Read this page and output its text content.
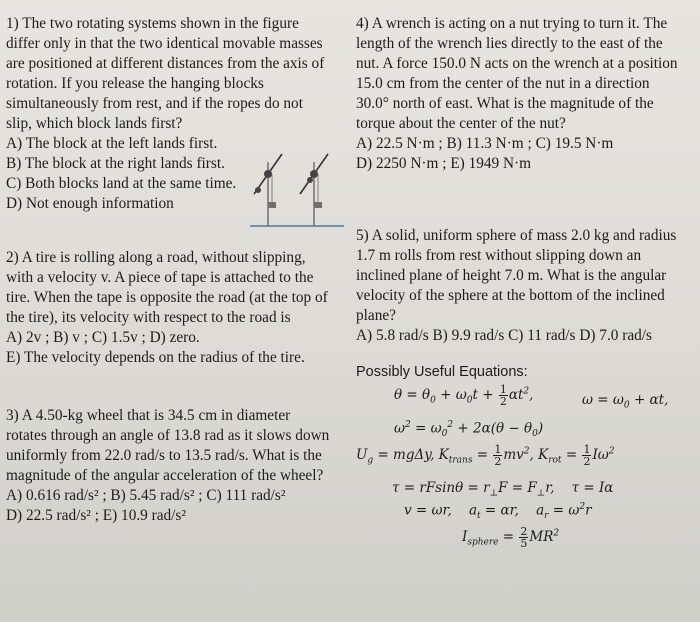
1) The two rotating systems shown in the figure

differ only in that the two identical movable masses

are positioned at different distances from the axis of

rotation. If you release the hanging blocks

simultaneously from rest, and if the ropes do not

slip, which block lands first?

A) The block at the left lands first.

B) The block at the right lands first.

C) Both blocks land at the same time.

D) Not enough information

2) A tire is rolling along a road, without slipping,

with a velocity v. A piece of tape is attached to the

tire. When the tape is opposite the road (at the top of

the tire), its velocity with respect to the road is

A) 2v ; B) v ; C) 1.5v ; D) zero.

E) The velocity depends on the radius of the tire.

3) A 4.50-kg wheel that is 34.5 cm in diameter

rotates through an angle of 13.8 rad as it slows down

uniformly from 22.0 rad/s to 13.5 rad/s. What is the

magnitude of the angular acceleration of the wheel?

A) 0.616 rad/s² ; B) 5.45 rad/s² ; C) 111 rad/s²

D) 22.5 rad/s² ; E) 10.9 rad/s²

4) A wrench is acting on a nut trying to turn it. The

length of the wrench lies directly to the east of the

nut. A force 150.0 N acts on the wrench at a position

15.0 cm from the center of the nut in a direction

30.0° north of east. What is the magnitude of the

torque about the center of the nut?

A) 22.5 N·m ; B) 11.3 N·m ; C) 19.5 N·m

D) 2250 N·m ; E) 1949 N·m

5) A solid, uniform sphere of mass 2.0 kg and radius

1.7 m rolls from rest without slipping down an

inclined plane of height 7.0 m. What is the angular

velocity of the sphere at the bottom of the inclined

plane?

A) 5.8 rad/s B) 9.9 rad/s C) 11 rad/s D) 7.0 rad/s

Possibly Useful Equations:
$\theta = \theta_0 + \omega_0t + \frac{1}{2} \alpha t^2$,	$\omega = \omega_0 + \alpha t$,
$\omega^2 = \omega_0^2 + 2\alpha(\theta - \theta_0)$
$U_g = mg\Delta y$, $K_{trans} = \frac{1}{2} mv^2$, $K_{rot} = \frac{1}{2} I\omega^2$
$\tau = rFsin\theta = r_\perp F = F_\perp r$,    τ = Iα
v = ωr,    $a_t = \alpha r$,    $a_r = \omega^2r$
$I_{sphere} = \frac{2}{5} MR^2$
